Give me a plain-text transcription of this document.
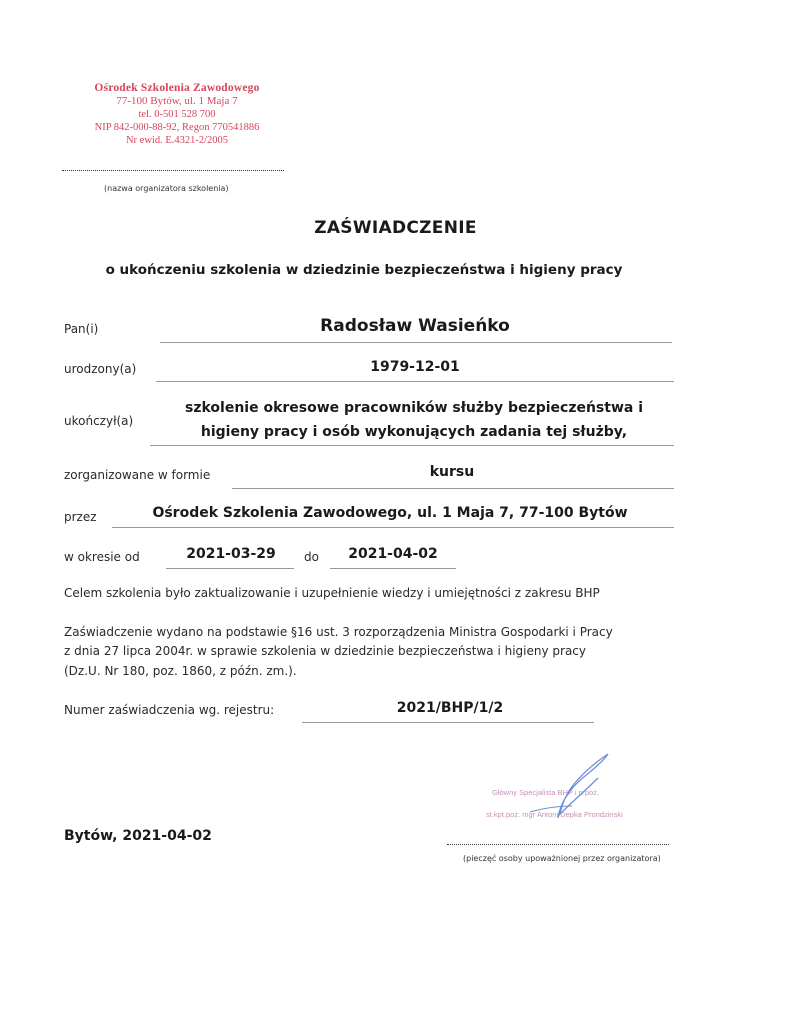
Ośrodek Szkolenia Zawodowego
77-100 Bytów, ul. 1 Maja 7
tel. 0-501 528 700
NIP 842-000-88-92, Regon 770541886
Nr ewid. E.4321-2/2005
(nazwa organizatora szkolenia)
ZAŚWIADCZENIE
o ukończeniu szkolenia w dziedzinie bezpieczeństwa i higieny pracy
Pan(i)	Radosław Wasieńko
urodzony(a)	1979-12-01
ukończył(a)
szkolenie okresowe pracowników służby bezpieczeństwa i
higieny pracy i osób wykonujących zadania tej służby,
zorganizowane w formie	kursu
przez	Ośrodek Szkolenia Zawodowego, ul. 1 Maja 7, 77-100 Bytów
w okresie od	2021-03-29	do	2021-04-02
Celem szkolenia było zaktualizowanie i uzupełnienie wiedzy i umiejętności z zakresu BHP
Zaświadczenie wydano na podstawie §16 ust. 3 rozporządzenia Ministra Gospodarki i Pracy
z dnia 27 lipca 2004r. w sprawie szkolenia w dziedzinie bezpieczeństwa i higieny pracy
(Dz.U. Nr 180, poz. 1860, z późn. zm.).
Numer zaświadczenia wg. rejestru:	2021/BHP/1/2
Główny Specjalista BHP i p.poż.
st.kpt.poż. mgr Antoni Depka Prondzinski
Bytów, 2021-04-02
(pieczęć osoby upoważnionej przez organizatora)
